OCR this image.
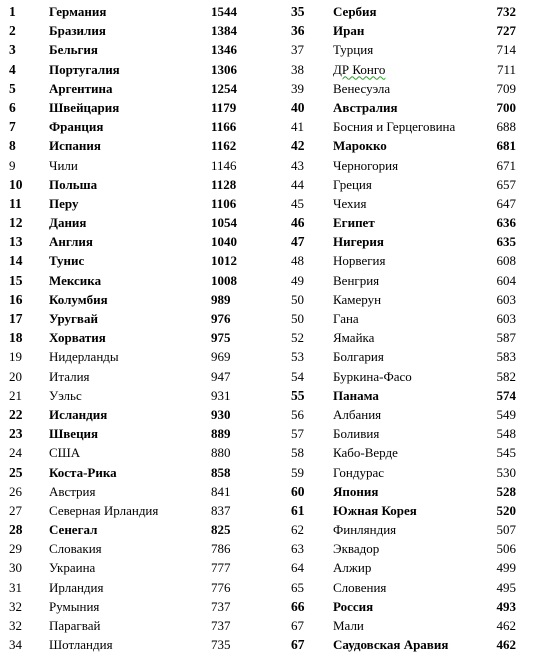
1	Германия	1544
2	Бразилия	1384
3	Бельгия	1346
4	Португалия	1306
5	Аргентина	1254
6	Швейцария	1179
7	Франция	1166
8	Испания	1162
9	Чили	1146
10 Польша	1128
11 Перу	1106
12 Дания	1054
13 Англия	1040
14 Тунис	1012
15 Мексика	1008
16 Колумбия	989
17 Уругвай	976
18 Хорватия	975
19 Нидерланды	969
20 Италия	947
21 Уэльс	931
22 Исландия	930
23 Швеция	889
24 США	880
25 Коста-Рика	858
26 Австрия	841
27 Северная Ирландия	837
28 Сенегал	825
29 Словакия	786
30 Украина	777
31 Ирландия	776
32 Румыния	737
32 Парагвай	737
34 Шотландия	735
35 Сербия	732
36 Иран	727
37 Турция	714
38 ДР Конго	711
39 Венесуэла	709
40 Австралия	700
41 Босния и Герцеговина	688
42 Марокко	681
43 Черногория	671
44 Греция	657
45 Чехия	647
46 Египет	636
47 Нигерия	635
48 Норвегия	608
49 Венгрия	604
50 Камерун	603
50 Гана	603
52 Ямайка	587
53 Болгария	583
54 Буркина-Фасо	582
55 Панама	574
56 Албания	549
57 Боливия	548
58 Кабо-Верде	545
59 Гондурас	530
60 Япония	528
61 Южная Корея	520
62 Финляндия	507
63 Эквадор	506
64 Алжир	499
65 Словения	495
66 Россия	493
67 Мали	462
67 Саудовская Аравия	462
